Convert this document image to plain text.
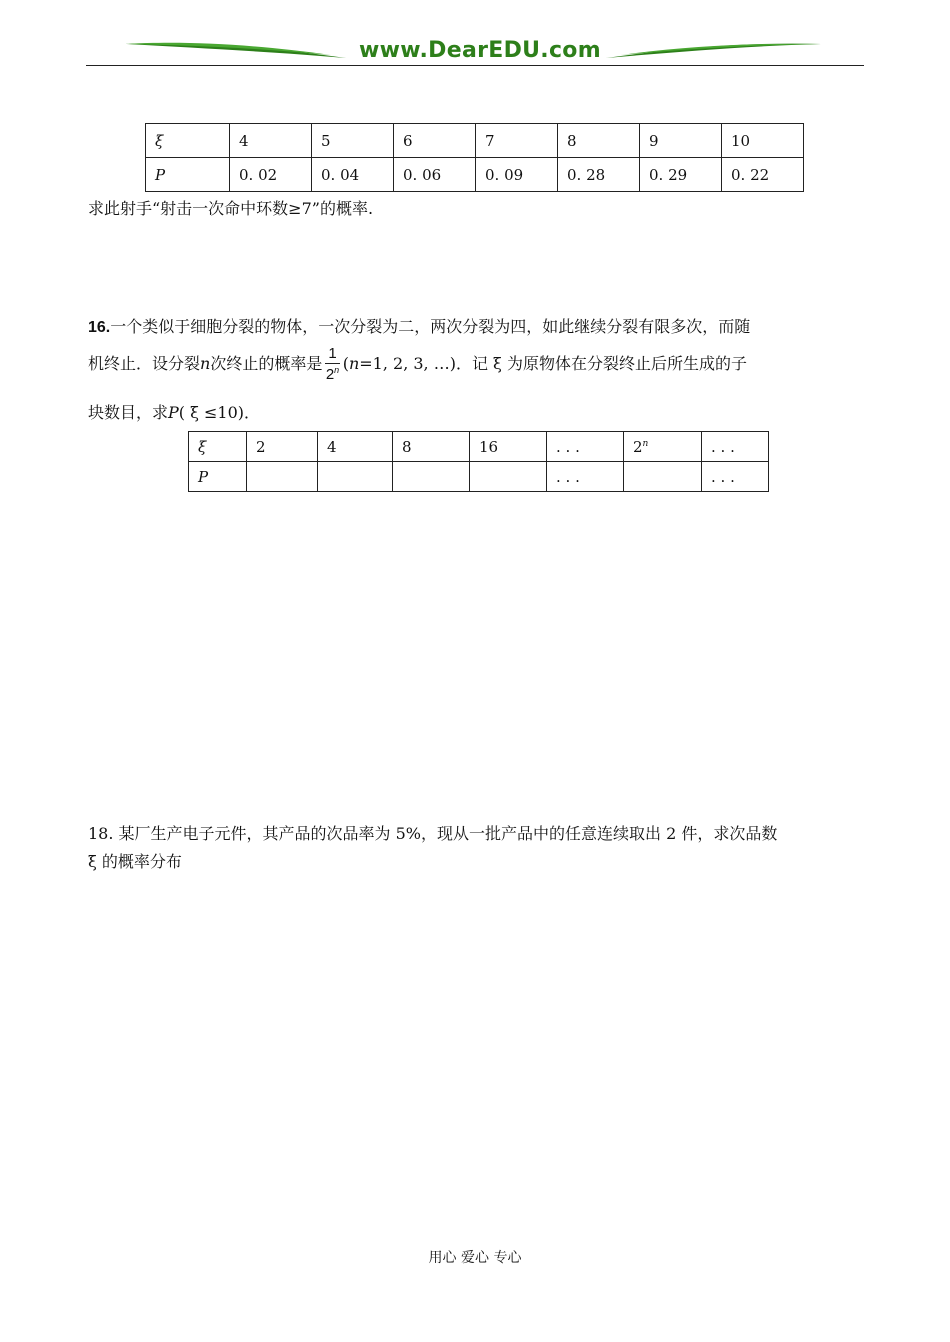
www.DearEDU.com
ξ	4	5	6	7	8	9	10
P	0. 02	0. 04	0. 06	0. 09	0. 28	0. 29	0. 22
求此射手“射击一次命中环数≥7”的概率.
16.一个类似于细胞分裂的物体，一次分裂为二，两次分裂为四，如此继续分裂有限多次，而随
机终止．设分裂n次终止的概率是 $\frac{1}{2^n} (n=1$, 2, 3, …)．记 ξ 为原物体在分裂终止后所生成的子
块数目，求P( ξ ≤10)．
ξ	2	4	8	16	. . .	2$^n$	. . .
P					. . .		. . .
18. 某厂生产电子元件，其产品的次品率为 5%，现从一批产品中的任意连续取出 2 件，求次品数
ξ 的概率分布
用心 爱心 专心
